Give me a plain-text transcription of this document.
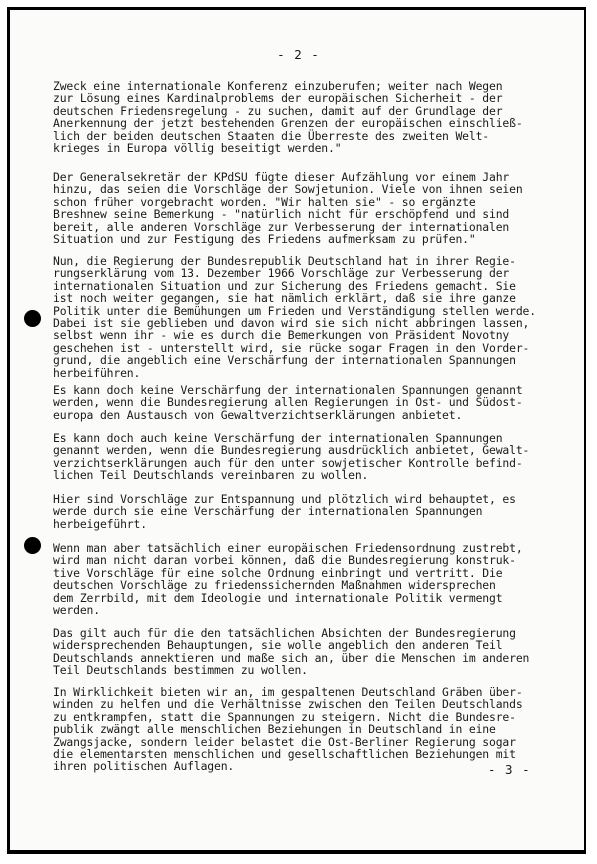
- 2 -
Zweck eine internationale Konferenz einzuberufen; weiter nach Wegen
zur Lösung eines Kardinalproblems der europäischen Sicherheit - der
deutschen Friedensregelung - zu suchen, damit auf der Grundlage der
Anerkennung der jetzt bestehenden Grenzen der europäischen einschließ-
lich der beiden deutschen Staaten die Überreste des zweiten Welt-
krieges in Europa völlig beseitigt werden."
Der Generalsekretär der KPdSU fügte dieser Aufzählung vor einem Jahr
hinzu, das seien die Vorschläge der Sowjetunion. Viele von ihnen seien
schon früher vorgebracht worden. "Wir halten sie" - so ergänzte
Breshnew seine Bemerkung - "natürlich nicht für erschöpfend und sind
bereit, alle anderen Vorschläge zur Verbesserung der internationalen
Situation und zur Festigung des Friedens aufmerksam zu prüfen."
Nun, die Regierung der Bundesrepublik Deutschland hat in ihrer Regie-
rungserklärung vom 13. Dezember 1966 Vorschläge zur Verbesserung der
internationalen Situation und zur Sicherung des Friedens gemacht. Sie
ist noch weiter gegangen, sie hat nämlich erklärt, daß sie ihre ganze
Politik unter die Bemühungen um Frieden und Verständigung stellen werde.
Dabei ist sie geblieben und davon wird sie sich nicht abbringen lassen,
selbst wenn ihr - wie es durch die Bemerkungen von Präsident Novotny
geschehen ist - unterstellt wird, sie rücke sogar Fragen in den Vorder-
grund, die angeblich eine Verschärfung der internationalen Spannungen
herbeiführen.
Es kann doch keine Verschärfung der internationalen Spannungen genannt
werden, wenn die Bundesregierung allen Regierungen in Ost- und Südost-
europa den Austausch von Gewaltverzichtserklärungen anbietet.
Es kann doch auch keine Verschärfung der internationalen Spannungen
genannt werden, wenn die Bundesregierung ausdrücklich anbietet, Gewalt-
verzichtserklärungen auch für den unter sowjetischer Kontrolle befind-
lichen Teil Deutschlands vereinbaren zu wollen.
Hier sind Vorschläge zur Entspannung und plötzlich wird behauptet, es
werde durch sie eine Verschärfung der internationalen Spannungen
herbeigeführt.
Wenn man aber tatsächlich einer europäischen Friedensordnung zustrebt,
wird man nicht daran vorbei können, daß die Bundesregierung konstruk-
tive Vorschläge für eine solche Ordnung einbringt und vertritt. Die
deutschen Vorschläge zu friedenssichernden Maßnahmen widersprechen
dem Zerrbild, mit dem Ideologie und internationale Politik vermengt
werden.
Das gilt auch für die den tatsächlichen Absichten der Bundesregierung
widersprechenden Behauptungen, sie wolle angeblich den anderen Teil
Deutschlands annektieren und maße sich an, über die Menschen im anderen
Teil Deutschlands bestimmen zu wollen.
In Wirklichkeit bieten wir an, im gespaltenen Deutschland Gräben über-
winden zu helfen und die Verhältnisse zwischen den Teilen Deutschlands
zu entkrampfen, statt die Spannungen zu steigern. Nicht die Bundesre-
publik zwängt alle menschlichen Beziehungen in Deutschland in eine
Zwangsjacke, sondern leider belastet die Ost-Berliner Regierung sogar
die elementarsten menschlichen und gesellschaftlichen Beziehungen mit
ihren politischen Auflagen.	- 3 -
